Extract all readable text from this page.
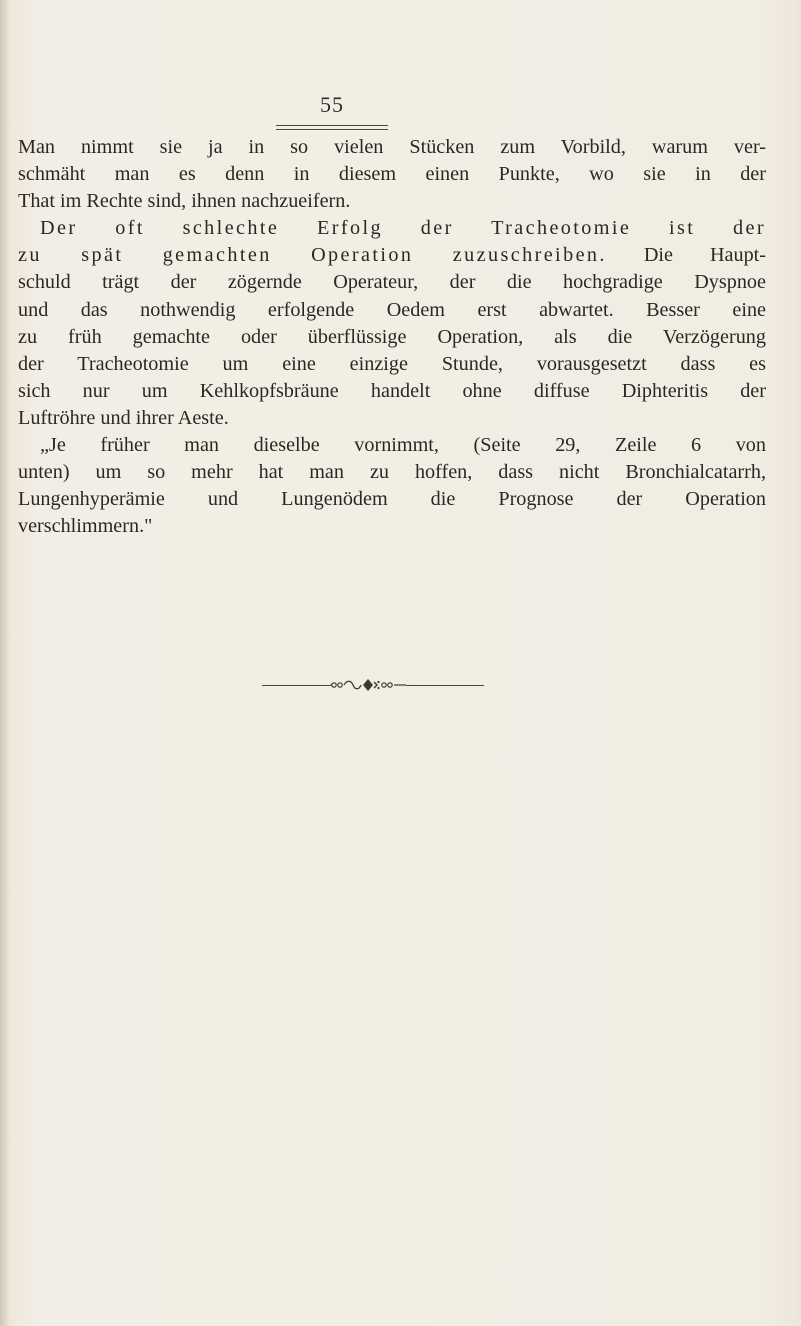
55

Man nimmt sie ja in so vielen Stücken zum Vorbild, warum ver-
schmäht man es denn in diesem einen Punkte, wo sie in der
That im Rechte sind, ihnen nachzueifern.

Der oft schlechte Erfolg der Tracheotomie ist der
zu spät gemachten Operation zuzuschreiben. Die Haupt-
schuld trägt der zögernde Operateur, der die hochgradige Dyspnoe
und das nothwendig erfolgende Oedem erst abwartet. Besser eine
zu früh gemachte oder überflüssige Operation, als die Verzögerung
der Tracheotomie um eine einzige Stunde, vorausgesetzt dass es
sich nur um Kehlkopfsbräune handelt ohne diffuse Diphteritis der
Luftröhre und ihrer Aeste.

„Je früher man dieselbe vornimmt, (Seite 29, Zeile 6 von
unten) um so mehr hat man zu hoffen, dass nicht Bronchialcatarrh,
Lungenhyperämie und Lungenödem die Prognose der Operation
verschlimmern."
